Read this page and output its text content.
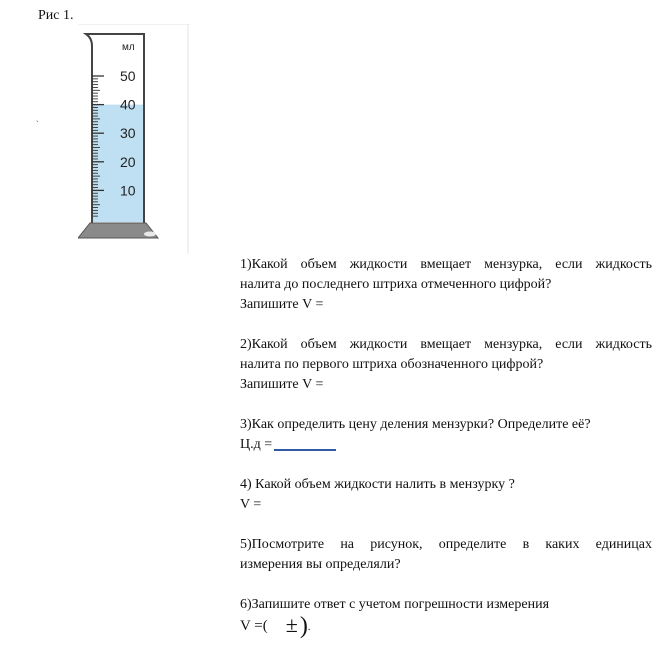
Рис 1.
ˏ
50
40
30
20
10
мл
1)Какой объем жидкости вмещает мензурка, если жидкость
налита до последнего штриха отмеченного цифрой?
Запишите V =
2)Какой объем жидкости вмещает мензурка, если жидкость
налита по первого штриха обозначенного цифрой?
Запишите V =
3)Как определить цену деления мензурки? Определите её?
Ц.д =
4) Какой объем жидкости налить в мензурку ?
V =
5)Посмотрите на рисунок, определите в каких единицах
измерения вы определяли?
6)Запишите ответ с учетом погрешности измерения
V =( ±).
